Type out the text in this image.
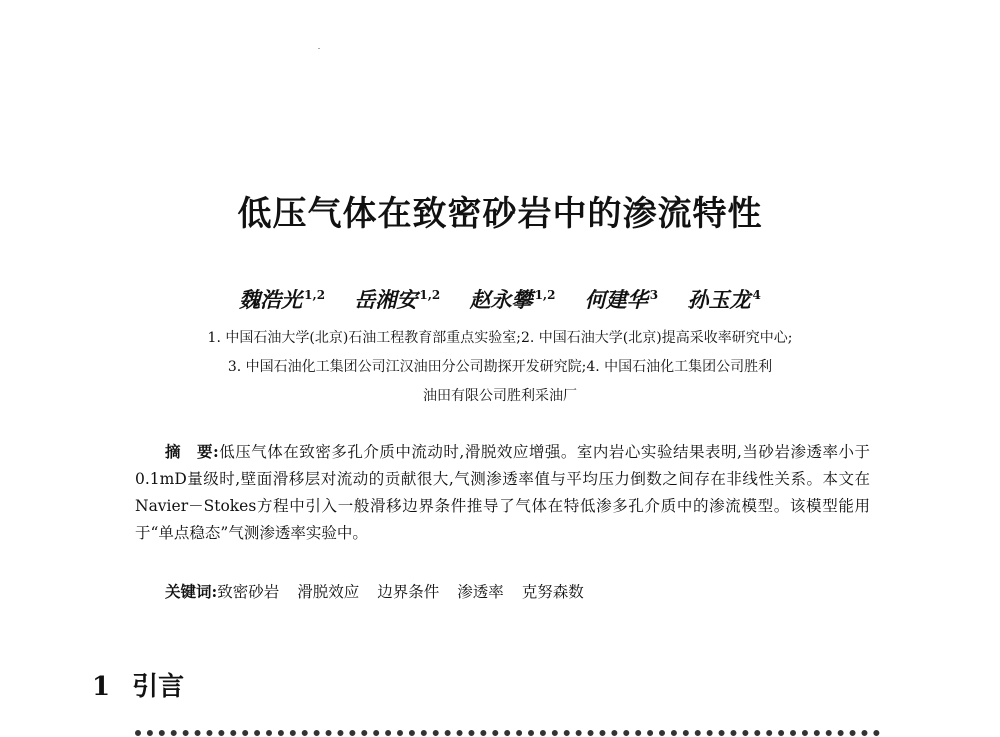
低压气体在致密砂岩中的渗流特性
魏浩光 $^{1,2}$ 岳湘安 $^{1,2}$ 赵永攀 $^{1,2}$ 何建华 $^3$ 孙玉龙 $^4$
1. 中国石油大学(北京)石油工程教育部重点实验室;2. 中国石油大学(北京)提高采收率研究中心;
3. 中国石油化工集团公司江汉油田分公司勘探开发研究院;4. 中国石油化工集团公司胜利
油田有限公司胜利采油厂
摘　要:低压气体在致密多孔介质中流动时,滑脱效应增强。室内岩心实验结果表明,当砂岩渗透率小于0.1mD量级时,壁面滑移层对流动的贡献很大,气测渗透率值与平均压力倒数之间存在非线性关系。本文在Navier－Stokes方程中引入一般滑移边界条件推导了气体在特低渗多孔介质中的渗流模型。该模型能用于“单点稳态”气测渗透率实验中。
关键词:致密砂岩 滑脱效应 边界条件 渗透率 克努森数
1 引言
